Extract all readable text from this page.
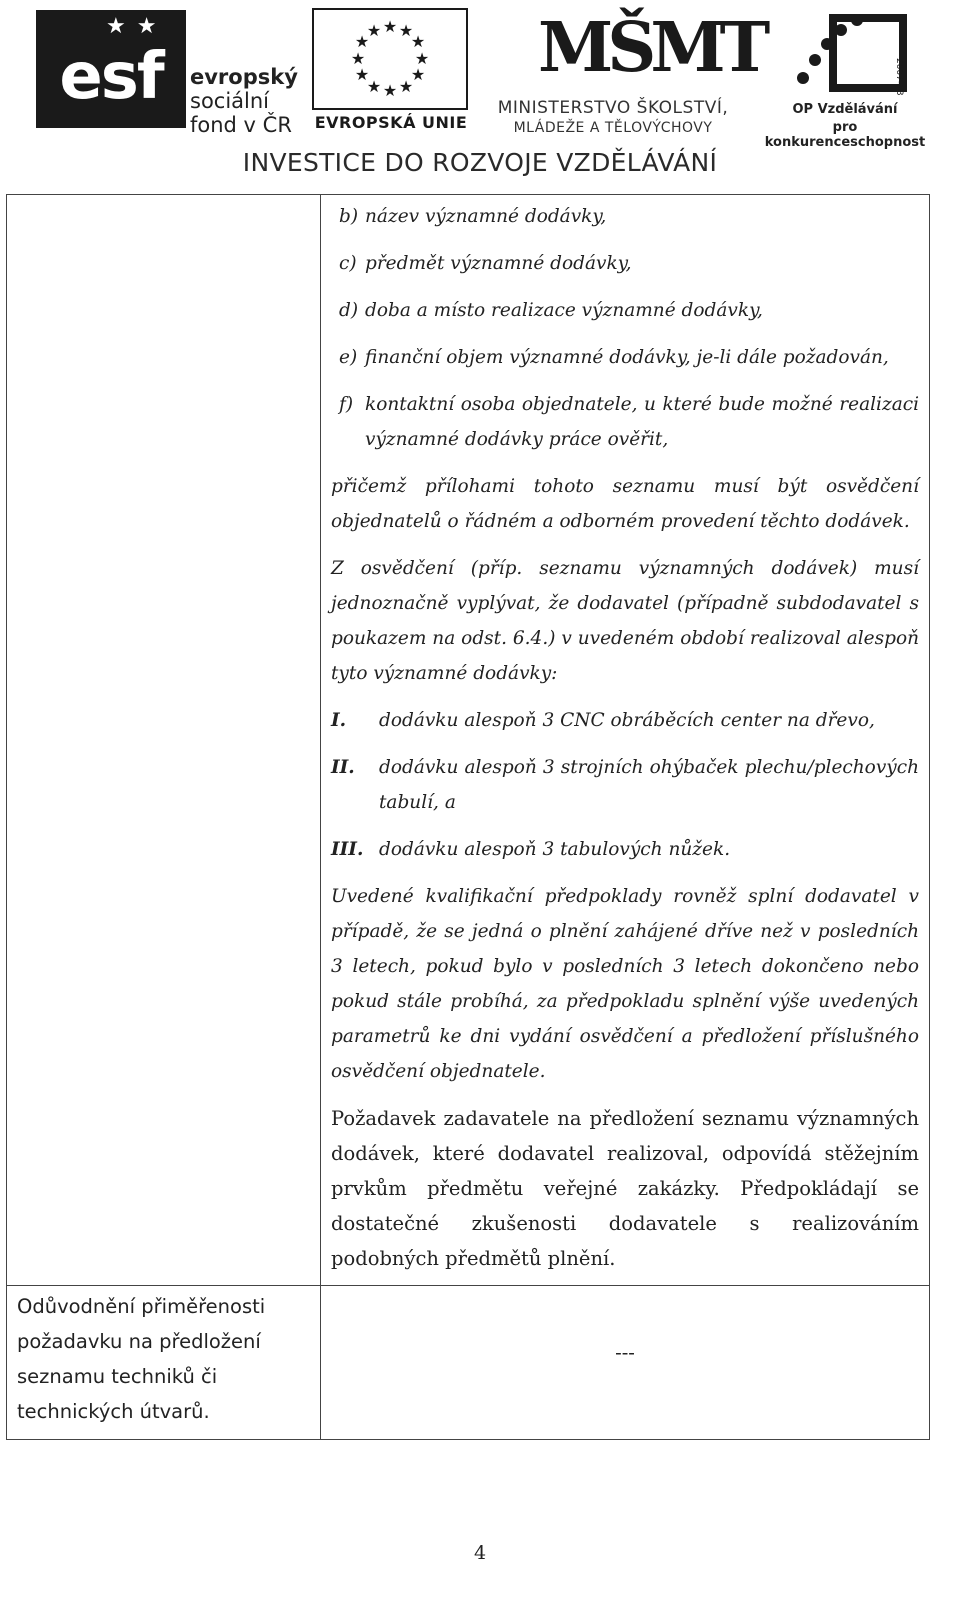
★ ★
esf	evropský
sociální
fond v ČR
★ ★
★
★
★
★
★
★
★
★
★
★
EVROPSKÁ UNIE
MŠMT
MINISTERSTVO ŠKOLSTVÍ,
MLÁDEŽE A TĚLOVÝCHOVY
2007-13
OP Vzdělávání
pro konkurenceschopnost
INVESTICE DO ROZVOJE VZDĚLÁVÁNÍ
b) název významné dodávky,
c) předmět významné dodávky,
d) doba a místo realizace významné dodávky,
e) finanční objem významné dodávky, je-li dále požadován,
f) kontaktní osoba objednatele, u které bude možné realizaci
významné dodávky práce ověřit,
přičemž přílohami tohoto seznamu musí být osvědčení objednatelů o řádném a odborném provedení těchto dodávek.
Z osvědčení (příp. seznamu významných dodávek) musí jednoznačně vyplývat, že dodavatel (případně subdodavatel s poukazem na odst. 6.4.) v uvedeném období realizoval alespoň tyto významné dodávky:
I. dodávku alespoň 3 CNC obráběcích center na dřevo,
II. dodávku alespoň 3 strojních ohýbaček plechu/plechových tabulí, a
III. dodávku alespoň 3 tabulových nůžek.
Uvedené kvalifikační předpoklady rovněž splní dodavatel v případě, že se jedná o plnění zahájené dříve než v posledních 3 letech, pokud bylo v posledních 3 letech dokončeno nebo pokud stále probíhá, za předpokladu splnění výše uvedených parametrů ke dni vydání osvědčení a předložení příslušného osvědčení objednatele.
Požadavek zadavatele na předložení seznamu významných dodávek, které dodavatel realizoval, odpovídá stěžejním prvkům předmětu veřejné zakázky. Předpokládají se dostatečné zkušenosti dodavatele s realizováním podobných předmětů plnění.
Odůvodnění přiměřenosti požadavku na předložení seznamu techniků či technických útvarů.
---
4
